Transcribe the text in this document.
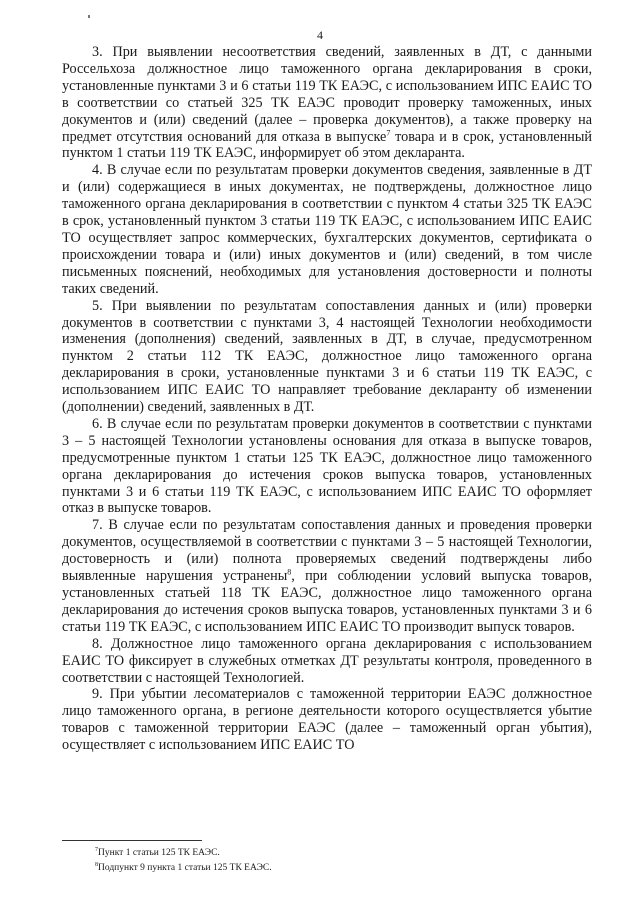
4

3. При выявлении несоответствия сведений, заявленных в ДТ, с данными Россельхоза должностное лицо таможенного органа декларирования в сроки, установленные пунктами 3 и 6 статьи 119 ТК ЕАЭС, с использованием ИПС ЕАИС ТО в соответствии со статьей 325 ТК ЕАЭС проводит проверку таможенных, иных документов и (или) сведений (далее – проверка документов), а также проверку на предмет отсутствия оснований для отказа в выпуске$^7$ товара и в срок, установленный пунктом 1 статьи 119 ТК ЕАЭС, информирует об этом декларанта.

4. В случае если по результатам проверки документов сведения, заявленные в ДТ и (или) содержащиеся в иных документах, не подтверждены, должностное лицо таможенного органа декларирования в соответствии с пунктом 4 статьи 325 ТК ЕАЭС в срок, установленный пунктом 3 статьи 119 ТК ЕАЭС, с использованием ИПС ЕАИС ТО осуществляет запрос коммерческих, бухгалтерских документов, сертификата о происхождении товара и (или) иных документов и (или) сведений, в том числе письменных пояснений, необходимых для установления достоверности и полноты таких сведений.

5. При выявлении по результатам сопоставления данных и (или) проверки документов в соответствии с пунктами 3, 4 настоящей Технологии необходимости изменения (дополнения) сведений, заявленных в ДТ, в случае, предусмотренном пунктом 2 статьи 112 ТК ЕАЭС, должностное лицо таможенного органа декларирования в сроки, установленные пунктами 3 и 6 статьи 119 ТК ЕАЭС, с использованием ИПС ЕАИС ТО направляет требование декларанту об изменении (дополнении) сведений, заявленных в ДТ.

6. В случае если по результатам проверки документов в соответствии с пунктами 3 – 5 настоящей Технологии установлены основания для отказа в выпуске товаров, предусмотренные пунктом 1 статьи 125 ТК ЕАЭС, должностное лицо таможенного органа декларирования до истечения сроков выпуска товаров, установленных пунктами 3 и 6 статьи 119 ТК ЕАЭС, с использованием ИПС ЕАИС ТО оформляет отказ в выпуске товаров.

7. В случае если по результатам сопоставления данных и проведения проверки документов, осуществляемой в соответствии с пунктами 3 – 5 настоящей Технологии, достоверность и (или) полнота проверяемых сведений подтверждены либо выявленные нарушения устранены$^8$, при соблюдении условий выпуска товаров, установленных статьей 118 ТК ЕАЭС, должностное лицо таможенного органа декларирования до истечения сроков выпуска товаров, установленных пунктами 3 и 6 статьи 119 ТК ЕАЭС, с использованием ИПС ЕАИС ТО производит выпуск товаров.

8. Должностное лицо таможенного органа декларирования с использованием ЕАИС ТО фиксирует в служебных отметках ДТ результаты контроля, проведенного в соответствии с настоящей Технологией.

9. При убытии лесоматериалов с таможенной территории ЕАЭС должностное лицо таможенного органа, в регионе деятельности которого осуществляется убытие товаров с таможенной территории ЕАЭС (далее – таможенный орган убытия), осуществляет с использованием ИПС ЕАИС ТО

$^7$Пункт 1 статьи 125 ТК ЕАЭС.

$^8$Подпункт 9 пункта 1 статьи 125 ТК ЕАЭС.
